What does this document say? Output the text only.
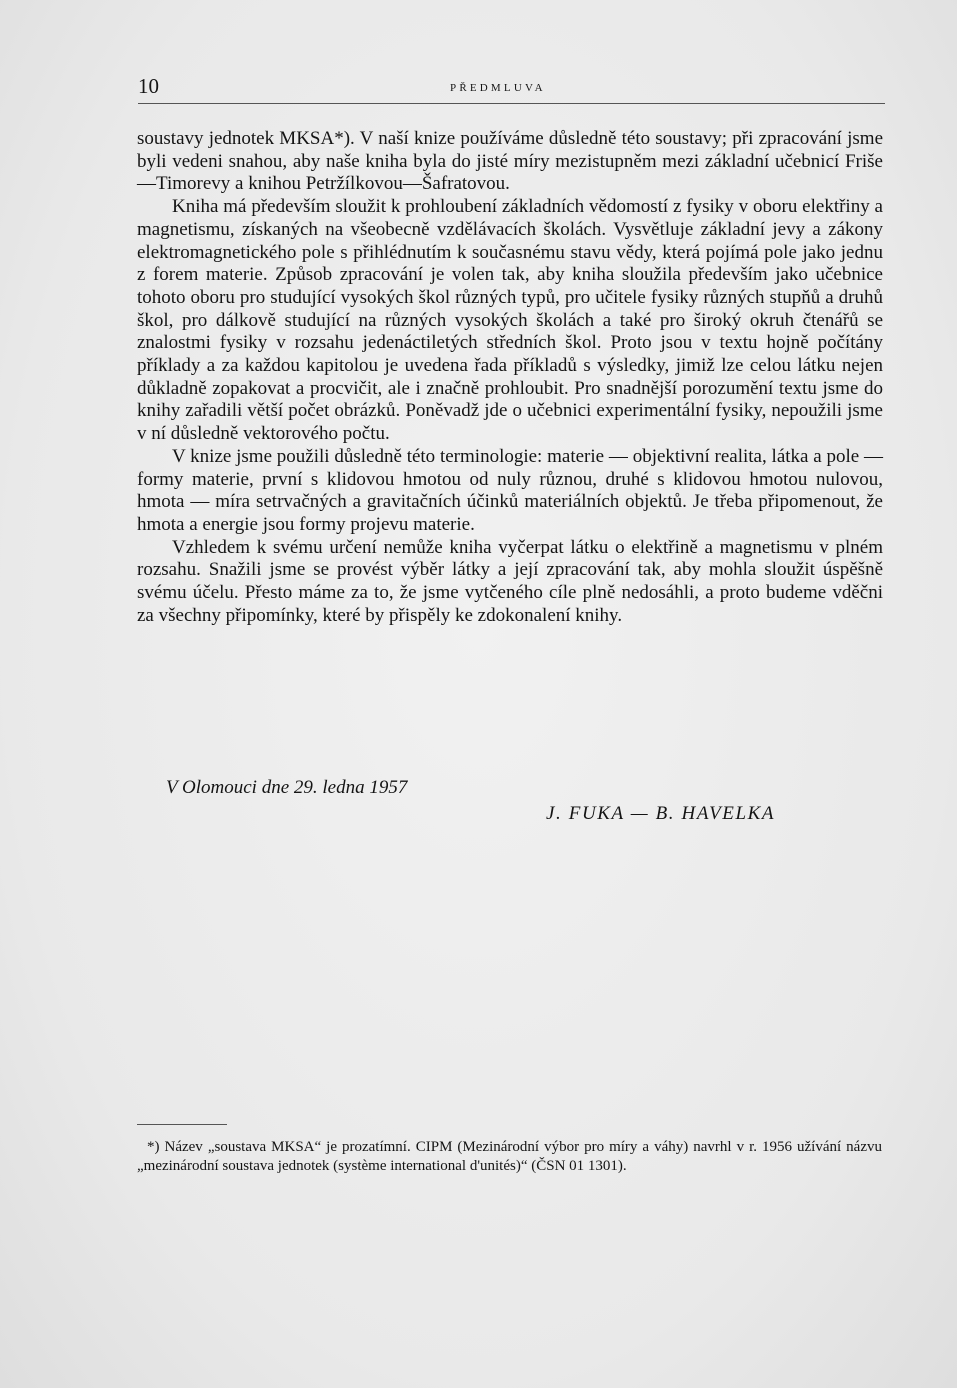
10	PŘEDMLUVA

soustavy jednotek MKSA*). V naší knize používáme důsledně této soustavy; při zpracování jsme byli vedeni snahou, aby naše kniha byla do jisté míry mezistupněm mezi základní učebnicí Friše—Timorevy a knihou Petržílkovou—Šafratovou.

Kniha má především sloužit k prohloubení základních vědomostí z fysiky v oboru elektřiny a magnetismu, získaných na všeobecně vzdělávacích školách. Vysvětluje základní jevy a zákony elektromagnetického pole s přihlédnutím k současnému stavu vědy, která pojímá pole jako jednu z forem materie. Způsob zpracování je volen tak, aby kniha sloužila především jako učebnice tohoto oboru pro studující vysokých škol různých typů, pro učitele fysiky různých stupňů a druhů škol, pro dálkově studující na různých vysokých školách a také pro široký okruh čtenářů se znalostmi fysiky v rozsahu jedenáctiletých středních škol. Proto jsou v textu hojně počítány příklady a za každou kapitolou je uvedena řada příkladů s výsledky, jimiž lze celou látku nejen důkladně zopakovat a procvičit, ale i značně prohloubit. Pro snadnější porozumění textu jsme do knihy zařadili větší počet obrázků. Poněvadž jde o učebnici experimentální fysiky, nepoužili jsme v ní důsledně vektorového počtu.

V knize jsme použili důsledně této terminologie: materie — objektivní realita, látka a pole — formy materie, první s klidovou hmotou od nuly různou, druhé s klidovou hmotou nulovou, hmota — míra setrvačných a gravitačních účinků materiálních objektů. Je třeba připomenout, že hmota a energie jsou formy projevu materie.

Vzhledem k svému určení nemůže kniha vyčerpat látku o elektřině a magnetismu v plném rozsahu. Snažili jsme se provést výběr látky a její zpracování tak, aby mohla sloužit úspěšně svému účelu. Přesto máme za to, že jsme vytčeného cíle plně nedosáhli, a proto budeme vděčni za všechny připomínky, které by přispěly ke zdokonalení knihy.

V Olomouci dne 29. ledna 1957
J. FUKA — B. HAVELKA
*) Název „soustava MKSA“ je prozatímní. CIPM (Mezinárodní výbor pro míry a váhy) navrhl v r. 1956 užívání názvu „mezinárodní soustava jednotek (système international d'unités)“ (ČSN 01 1301).
